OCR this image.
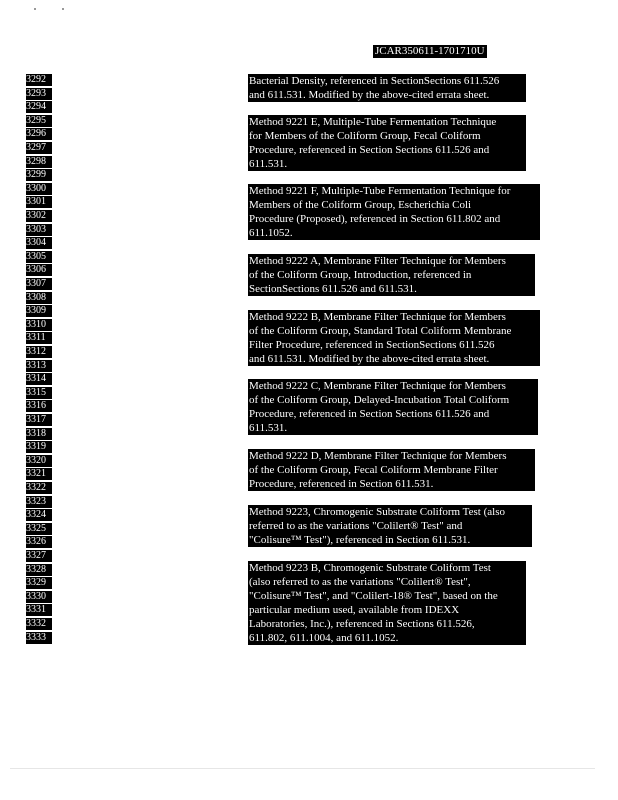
JCAR350611-1701710U
3292
3293
3294
3295
3296
3297
3298
3299
3300
3301
3302
3303
3304
3305
3306
3307
3308
3309
3310
3311
3312
3313
3314
3315
3316
3317
3318
3319
3320
3321
3322
3323
3324
3325
3326
3327
3328
3329
3330
3331
3332
3333
Bacterial Density, referenced in SectionSections 611.526
and 611.531. Modified by the above-cited errata sheet.
Method 9221 E, Multiple-Tube Fermentation Technique
for Members of the Coliform Group, Fecal Coliform
Procedure, referenced in Section Sections 611.526 and
611.531.
Method 9221 F, Multiple-Tube Fermentation Technique for
Members of the Coliform Group, Escherichia Coli
Procedure (Proposed), referenced in Section 611.802 and
611.1052.
Method 9222 A, Membrane Filter Technique for Members
of the Coliform Group, Introduction, referenced in
SectionSections 611.526 and 611.531.
Method 9222 B, Membrane Filter Technique for Members
of the Coliform Group, Standard Total Coliform Membrane
Filter Procedure, referenced in SectionSections 611.526
and 611.531. Modified by the above-cited errata sheet.
Method 9222 C, Membrane Filter Technique for Members
of the Coliform Group, Delayed-Incubation Total Coliform
Procedure, referenced in Section Sections 611.526 and
611.531.
Method 9222 D, Membrane Filter Technique for Members
of the Coliform Group, Fecal Coliform Membrane Filter
Procedure, referenced in Section 611.531.
Method 9223, Chromogenic Substrate Coliform Test (also
referred to as the variations "Colilert® Test" and
"Colisure™ Test"), referenced in Section 611.531.
Method 9223 B, Chromogenic Substrate Coliform Test
(also referred to as the variations "Colilert® Test",
"Colisure™ Test", and "Colilert-18® Test", based on the
particular medium used, available from IDEXX
Laboratories, Inc.), referenced in Sections 611.526,
611.802, 611.1004, and 611.1052.
